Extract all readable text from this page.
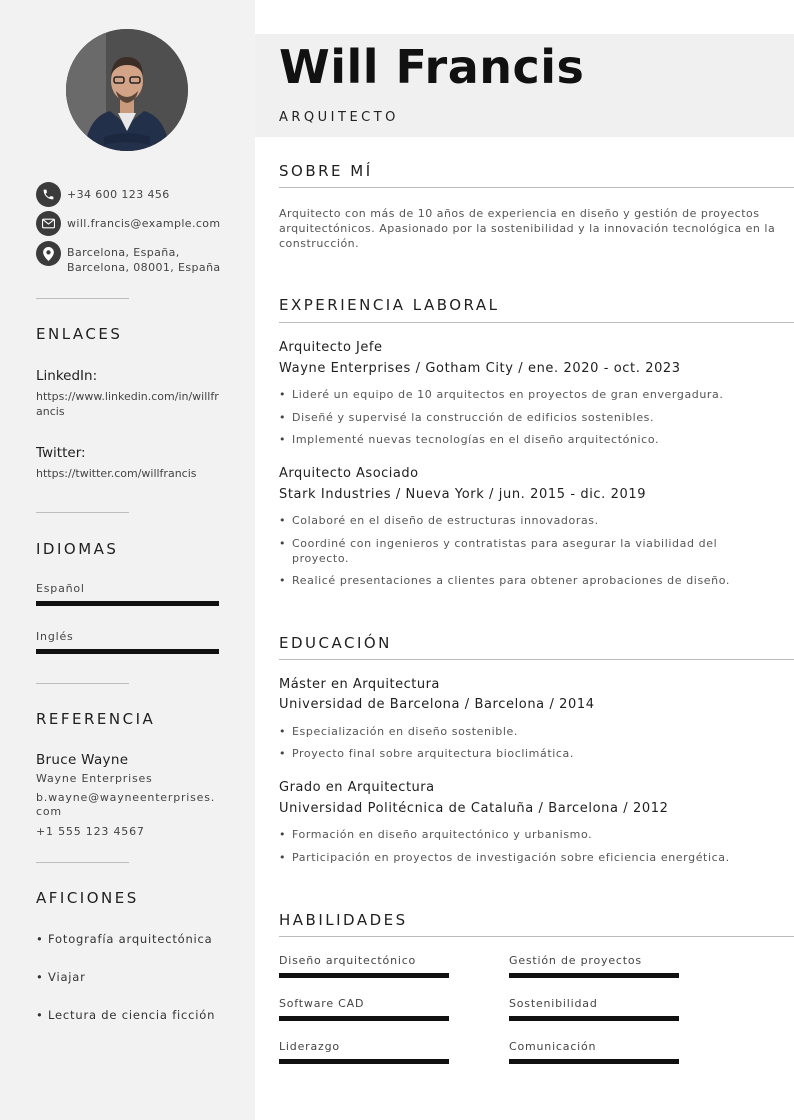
+34 600 123 456
will.francis@example.com
Barcelona, España,
Barcelona, 08001, España
ENLACES
LinkedIn:
https://www.linkedin.com/in/willfrancis
Twitter:
https://twitter.com/willfrancis
IDIOMAS
Español
Inglés
REFERENCIA
Bruce Wayne
Wayne Enterprises
b.wayne@wayneenterprises.com
+1 555 123 4567
AFICIONES
• Fotografía arquitectónica
• Viajar
• Lectura de ciencia ficción
Will Francis
ARQUITECTO
SOBRE MÍ
Arquitecto con más de 10 años de experiencia en diseño y gestión de proyectos arquitectónicos. Apasionado por la sostenibilidad y la innovación tecnológica en la construcción.
EXPERIENCIA LABORAL
Arquitecto Jefe
Wayne Enterprises / Gotham City / ene. 2020 - oct. 2023
• Lideré un equipo de 10 arquitectos en proyectos de gran envergadura.
• Diseñé y supervisé la construcción de edificios sostenibles.
• Implementé nuevas tecnologías en el diseño arquitectónico.
Arquitecto Asociado
Stark Industries / Nueva York / jun. 2015 - dic. 2019
• Colaboré en el diseño de estructuras innovadoras.
• Coordiné con ingenieros y contratistas para asegurar la viabilidad del proyecto.
• Realicé presentaciones a clientes para obtener aprobaciones de diseño.
EDUCACIÓN
Máster en Arquitectura
Universidad de Barcelona / Barcelona / 2014
• Especialización en diseño sostenible.
• Proyecto final sobre arquitectura bioclimática.
Grado en Arquitectura
Universidad Politécnica de Cataluña / Barcelona / 2012
• Formación en diseño arquitectónico y urbanismo.
• Participación en proyectos de investigación sobre eficiencia energética.
HABILIDADES
Diseño arquitectónico	Gestión de proyectos
Software CAD	Sostenibilidad
Liderazgo	Comunicación
